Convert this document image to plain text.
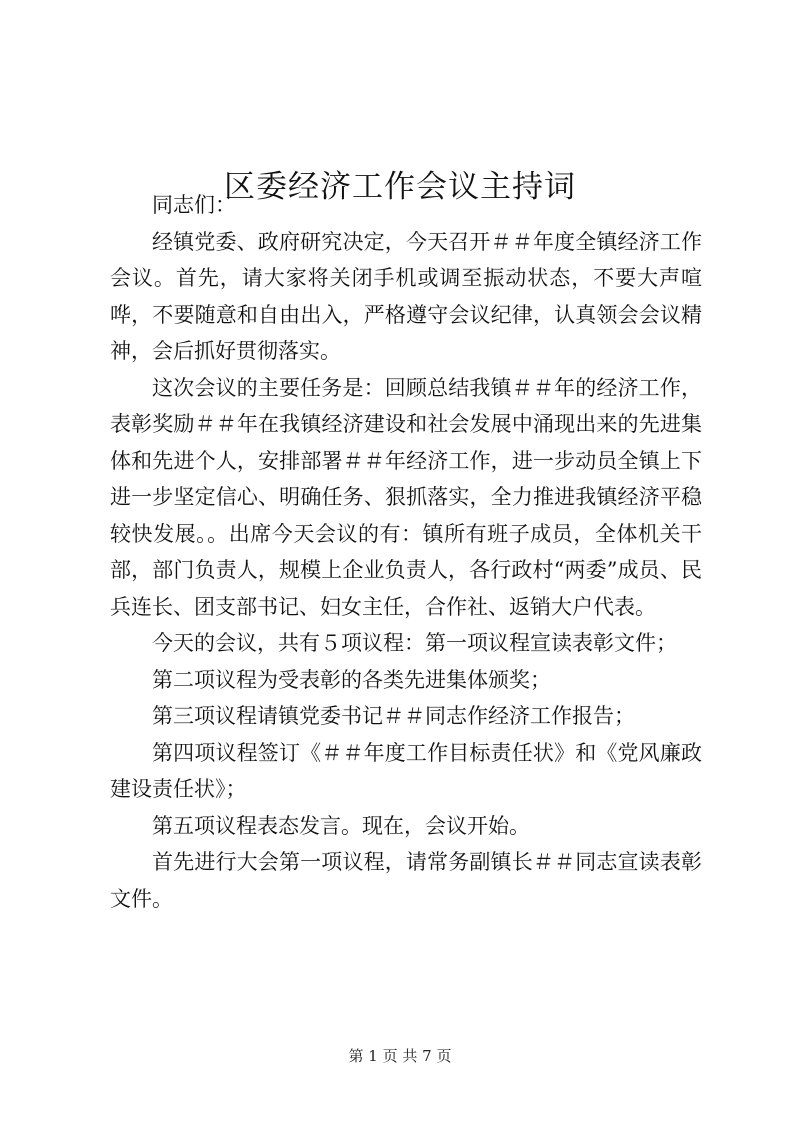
区委经济工作会议主持词

同志们：

经镇党委、政府研究决定，今天召开＃＃年度全镇经济工作会议。首先，请大家将关闭手机或调至振动状态，不要大声喧哗，不要随意和自由出入，严格遵守会议纪律，认真领会会议精神，会后抓好贯彻落实。

这次会议的主要任务是：回顾总结我镇＃＃年的经济工作，表彰奖励＃＃年在我镇经济建设和社会发展中涌现出来的先进集体和先进个人，安排部署＃＃年经济工作，进一步动员全镇上下进一步坚定信心、明确任务、狠抓落实，全力推进我镇经济平稳较快发展。。出席今天会议的有：镇所有班子成员，全体机关干部，部门负责人，规模上企业负责人，各行政村“两委”成员、民兵连长、团支部书记、妇女主任，合作社、返销大户代表。

今天的会议，共有５项议程：第一项议程宣读表彰文件；

第二项议程为受表彰的各类先进集体颁奖；

第三项议程请镇党委书记＃＃同志作经济工作报告；

第四项议程签订《＃＃年度工作目标责任状》和《党风廉政建设责任状》；

第五项议程表态发言。现在，会议开始。

首先进行大会第一项议程，请常务副镇长＃＃同志宣读表彰文件。

第 1 页 共 7 页
